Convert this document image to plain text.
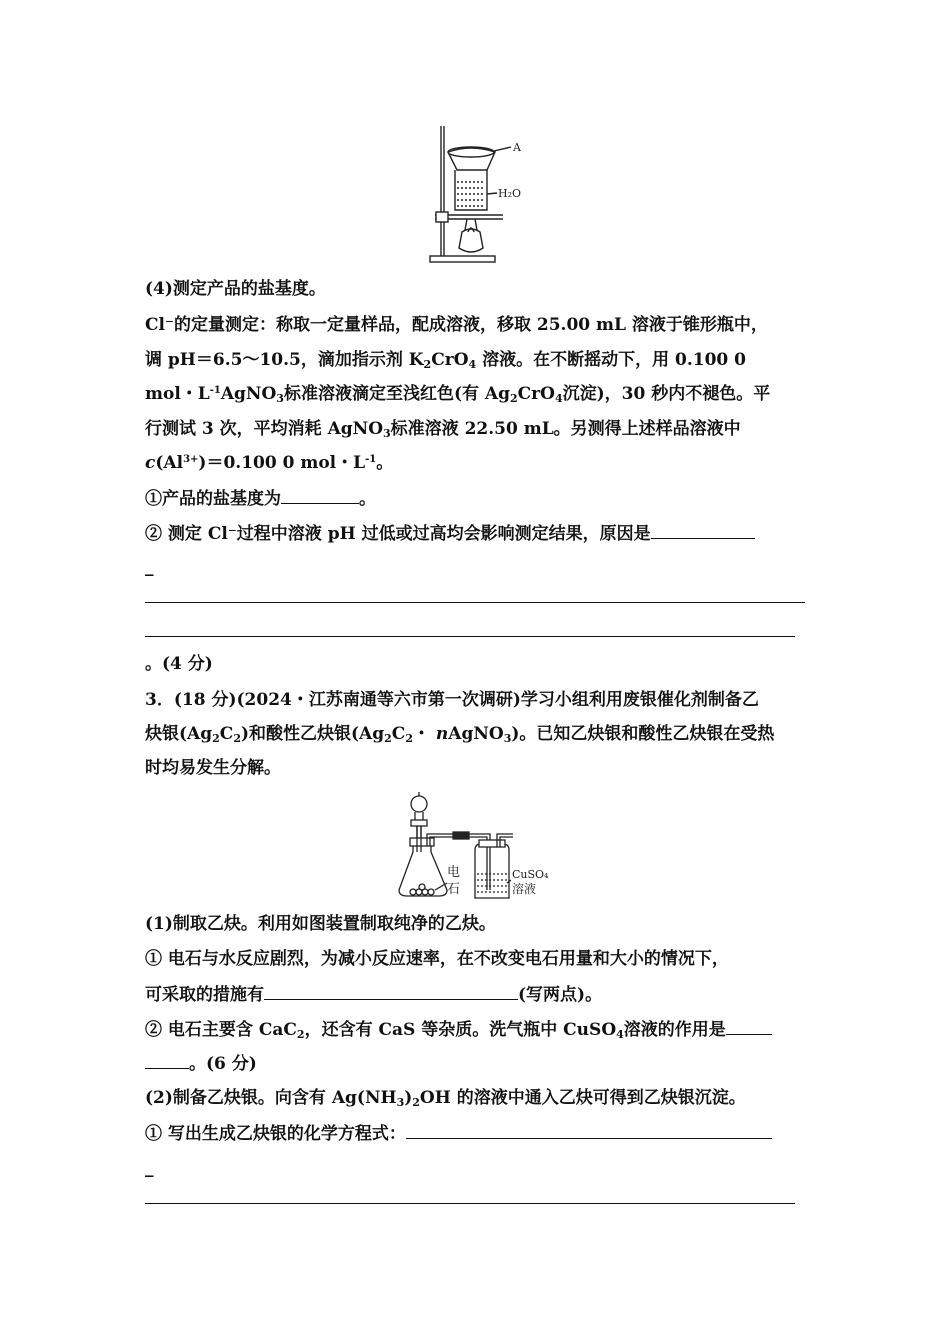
A
H₂O
(4)测定产品的盐基度。
Cl⁻的定量测定：称取一定量样品，配成溶液，移取 25.00 mL 溶液于锥形瓶中，
调 pH＝6.5～10.5，滴加指示剂 $K_2CrO_4$ 溶液。在不断摇动下，用 0.100 0
mol・$L^{-1}AgNO_3$标准溶液滴定至浅红色(有 $Ag_2CrO_4$沉淀)，30 秒内不褪色。平
行测试 3 次，平均消耗 AgNO$_3$标准溶液 22.50 mL。另测得上述样品溶液中
$c(Al^{3+})=0.100$ 0 mol・$L^{-1}$。
①产品的盐基度为	。
② 测定 Cl⁻过程中溶液 pH 过低或过高均会影响测定结果，原因是
_
。(4 分)
3．(18 分)(2024・江苏南通等六市第一次调研)学习小组利用废银催化剂制备乙
炔银$(Ag_2C_2)$和酸性乙炔银($Ag_2C_2$・ nAgNO$_3$)。已知乙炔银和酸性乙炔银在受热
时均易发生分解。
电
石
CuSO₄
溶液
(1)制取乙炔。利用如图装置制取纯净的乙炔。
① 电石与水反应剧烈，为减小反应速率，在不改变电石用量和大小的情况下，
可采取的措施有	(写两点)。
② 电石主要含 CaC$_2$，还含有 CaS 等杂质。洗气瓶中 CuSO$_4$溶液的作用是
。(6 分)
(2)制备乙炔银。向含有 $Ag(NH_3)_2OH$ 的溶液中通入乙炔可得到乙炔银沉淀。
① 写出生成乙炔银的化学方程式：
_
